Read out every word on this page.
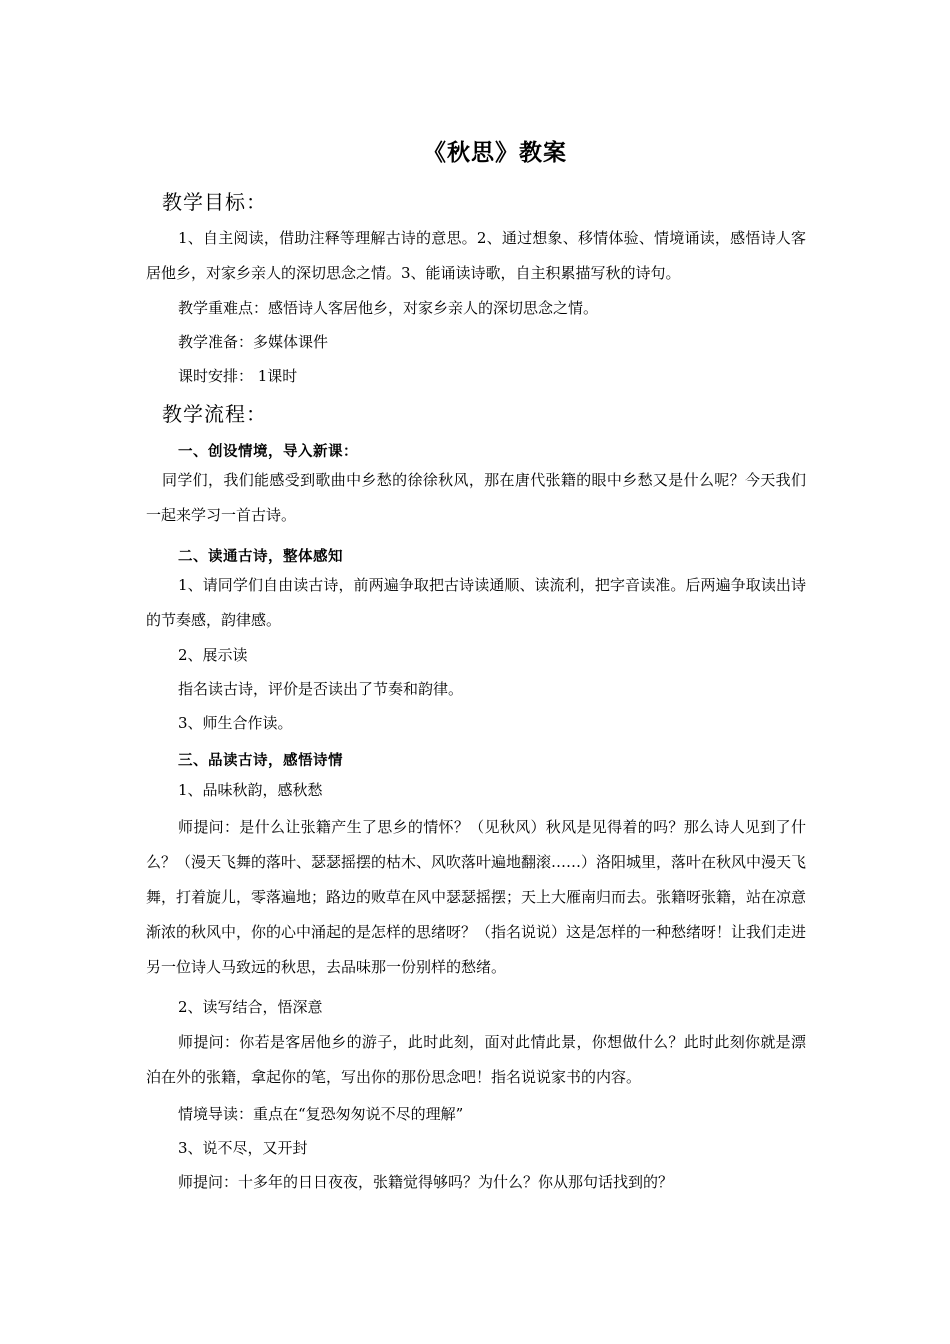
《秋思》教案
教学目标：
1、自主阅读，借助注释等理解古诗的意思。2、通过想象、移情体验、情境诵读，感悟诗人客居他乡，对家乡亲人的深切思念之情。3、能诵读诗歌，自主积累描写秋的诗句。
教学重难点：感悟诗人客居他乡，对家乡亲人的深切思念之情。
教学准备：多媒体课件
课时安排： 1课时
教学流程：
一、创设情境，导入新课：
同学们，我们能感受到歌曲中乡愁的徐徐秋风，那在唐代张籍的眼中乡愁又是什么呢？今天我们一起来学习一首古诗。
二、读通古诗，整体感知
1、请同学们自由读古诗，前两遍争取把古诗读通顺、读流利，把字音读准。后两遍争取读出诗的节奏感，韵律感。
2、展示读
指名读古诗，评价是否读出了节奏和韵律。
3、师生合作读。
三、品读古诗，感悟诗情
1、品味秋韵，感秋愁
师提问：是什么让张籍产生了思乡的情怀？（见秋风）秋风是见得着的吗？那么诗人见到了什么？（漫天飞舞的落叶、瑟瑟摇摆的枯木、风吹落叶遍地翻滚……）洛阳城里，落叶在秋风中漫天飞舞，打着旋儿，零落遍地；路边的败草在风中瑟瑟摇摆；天上大雁南归而去。张籍呀张籍，站在凉意渐浓的秋风中，你的心中涌起的是怎样的思绪呀？（指名说说）这是怎样的一种愁绪呀！让我们走进另一位诗人马致远的秋思，去品味那一份别样的愁绪。
2、读写结合，悟深意
师提问：你若是客居他乡的游子，此时此刻，面对此情此景，你想做什么？此时此刻你就是漂泊在外的张籍，拿起你的笔，写出你的那份思念吧！指名说说家书的内容。
情境导读：重点在“复恐匆匆说不尽的理解”
3、说不尽，又开封
师提问：十多年的日日夜夜，张籍觉得够吗？为什么？你从那句话找到的？
